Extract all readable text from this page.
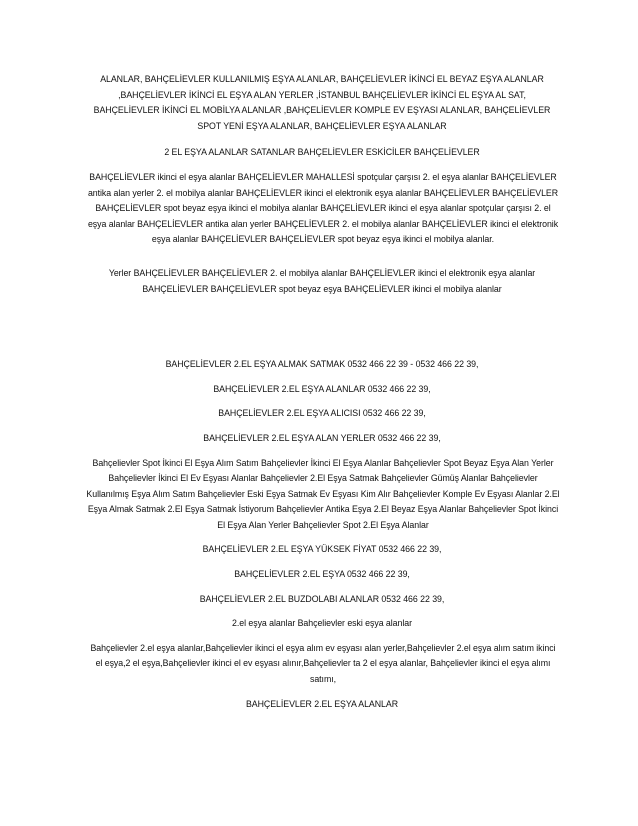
ALANLAR, BAHÇELİEVLER KULLANILMIŞ EŞYA ALANLAR, BAHÇELİEVLER İKİNCİ EL BEYAZ EŞYA ALANLAR ,BAHÇELİEVLER İKİNCİ EL EŞYA ALAN YERLER ,İSTANBUL BAHÇELİEVLER İKİNCİ EL EŞYA AL SAT, BAHÇELİEVLER İKİNCİ EL MOBİLYA ALANLAR ,BAHÇELİEVLER KOMPLE EV EŞYASI ALANLAR, BAHÇELİEVLER SPOT YENİ EŞYA ALANLAR, BAHÇELİEVLER EŞYA ALANLAR

2 EL EŞYA ALANLAR SATANLAR BAHÇELİEVLER ESKİCİLER BAHÇELİEVLER

BAHÇELİEVLER ikinci el eşya alanlar BAHÇELİEVLER MAHALLESİ spotçular çarşısı 2. el eşya alanlar BAHÇELİEVLER antika alan yerler 2. el mobilya alanlar BAHÇELİEVLER ikinci el elektronik eşya alanlar BAHÇELİEVLER BAHÇELİEVLER BAHÇELİEVLER spot beyaz eşya ikinci el mobilya alanlar BAHÇELİEVLER ikinci el eşya alanlar spotçular çarşısı 2. el eşya alanlar BAHÇELİEVLER antika alan yerler BAHÇELİEVLER 2. el mobilya alanlar BAHÇELİEVLER ikinci el elektronik eşya alanlar BAHÇELİEVLER BAHÇELİEVLER spot beyaz eşya ikinci el mobilya alanlar.

Yerler BAHÇELİEVLER BAHÇELİEVLER 2. el mobilya alanlar BAHÇELİEVLER ikinci el elektronik eşya alanlar BAHÇELİEVLER BAHÇELİEVLER spot beyaz eşya BAHÇELİEVLER ikinci el mobilya alanlar

BAHÇELİEVLER 2.EL EŞYA ALMAK SATMAK 0532 466 22 39 - 0532 466 22 39,

BAHÇELİEVLER 2.EL EŞYA ALANLAR 0532 466 22 39,

BAHÇELİEVLER 2.EL EŞYA ALICISI 0532 466 22 39,

BAHÇELİEVLER 2.EL EŞYA ALAN YERLER 0532 466 22 39,

Bahçelievler Spot İkinci El Eşya Alım Satım Bahçelievler İkinci El Eşya Alanlar Bahçelievler Spot Beyaz Eşya Alan Yerler Bahçelievler İkinci El Ev Eşyası Alanlar Bahçelievler 2.El Eşya Satmak Bahçelievler Gümüş Alanlar Bahçelievler Kullanılmış Eşya Alım Satım Bahçelievler Eski Eşya Satmak Ev Eşyası Kim Alır Bahçelievler Komple Ev Eşyası Alanlar 2.El Eşya Almak Satmak 2.El Eşya Satmak İstiyorum Bahçelievler Antika Eşya 2.El Beyaz Eşya Alanlar Bahçelievler Spot İkinci El Eşya Alan Yerler Bahçelievler Spot 2.El Eşya Alanlar

BAHÇELİEVLER 2.EL EŞYA YÜKSEK FİYAT 0532 466 22 39,

BAHÇELİEVLER 2.EL EŞYA 0532 466 22 39,

BAHÇELİEVLER 2.EL BUZDOLABI ALANLAR 0532 466 22 39,

2.el eşya alanlar Bahçelievler eski eşya alanlar

Bahçelievler 2.el eşya alanlar,Bahçelievler ikinci el eşya alım ev eşyası alan yerler,Bahçelievler 2.el eşya alım satım ikinci el eşya,2 el eşya,Bahçelievler ikinci el ev eşyası alınır,Bahçelievler ta 2 el eşya alanlar, Bahçelievler ikinci el eşya alımı satımı,

BAHÇELİEVLER 2.EL EŞYA ALANLAR
